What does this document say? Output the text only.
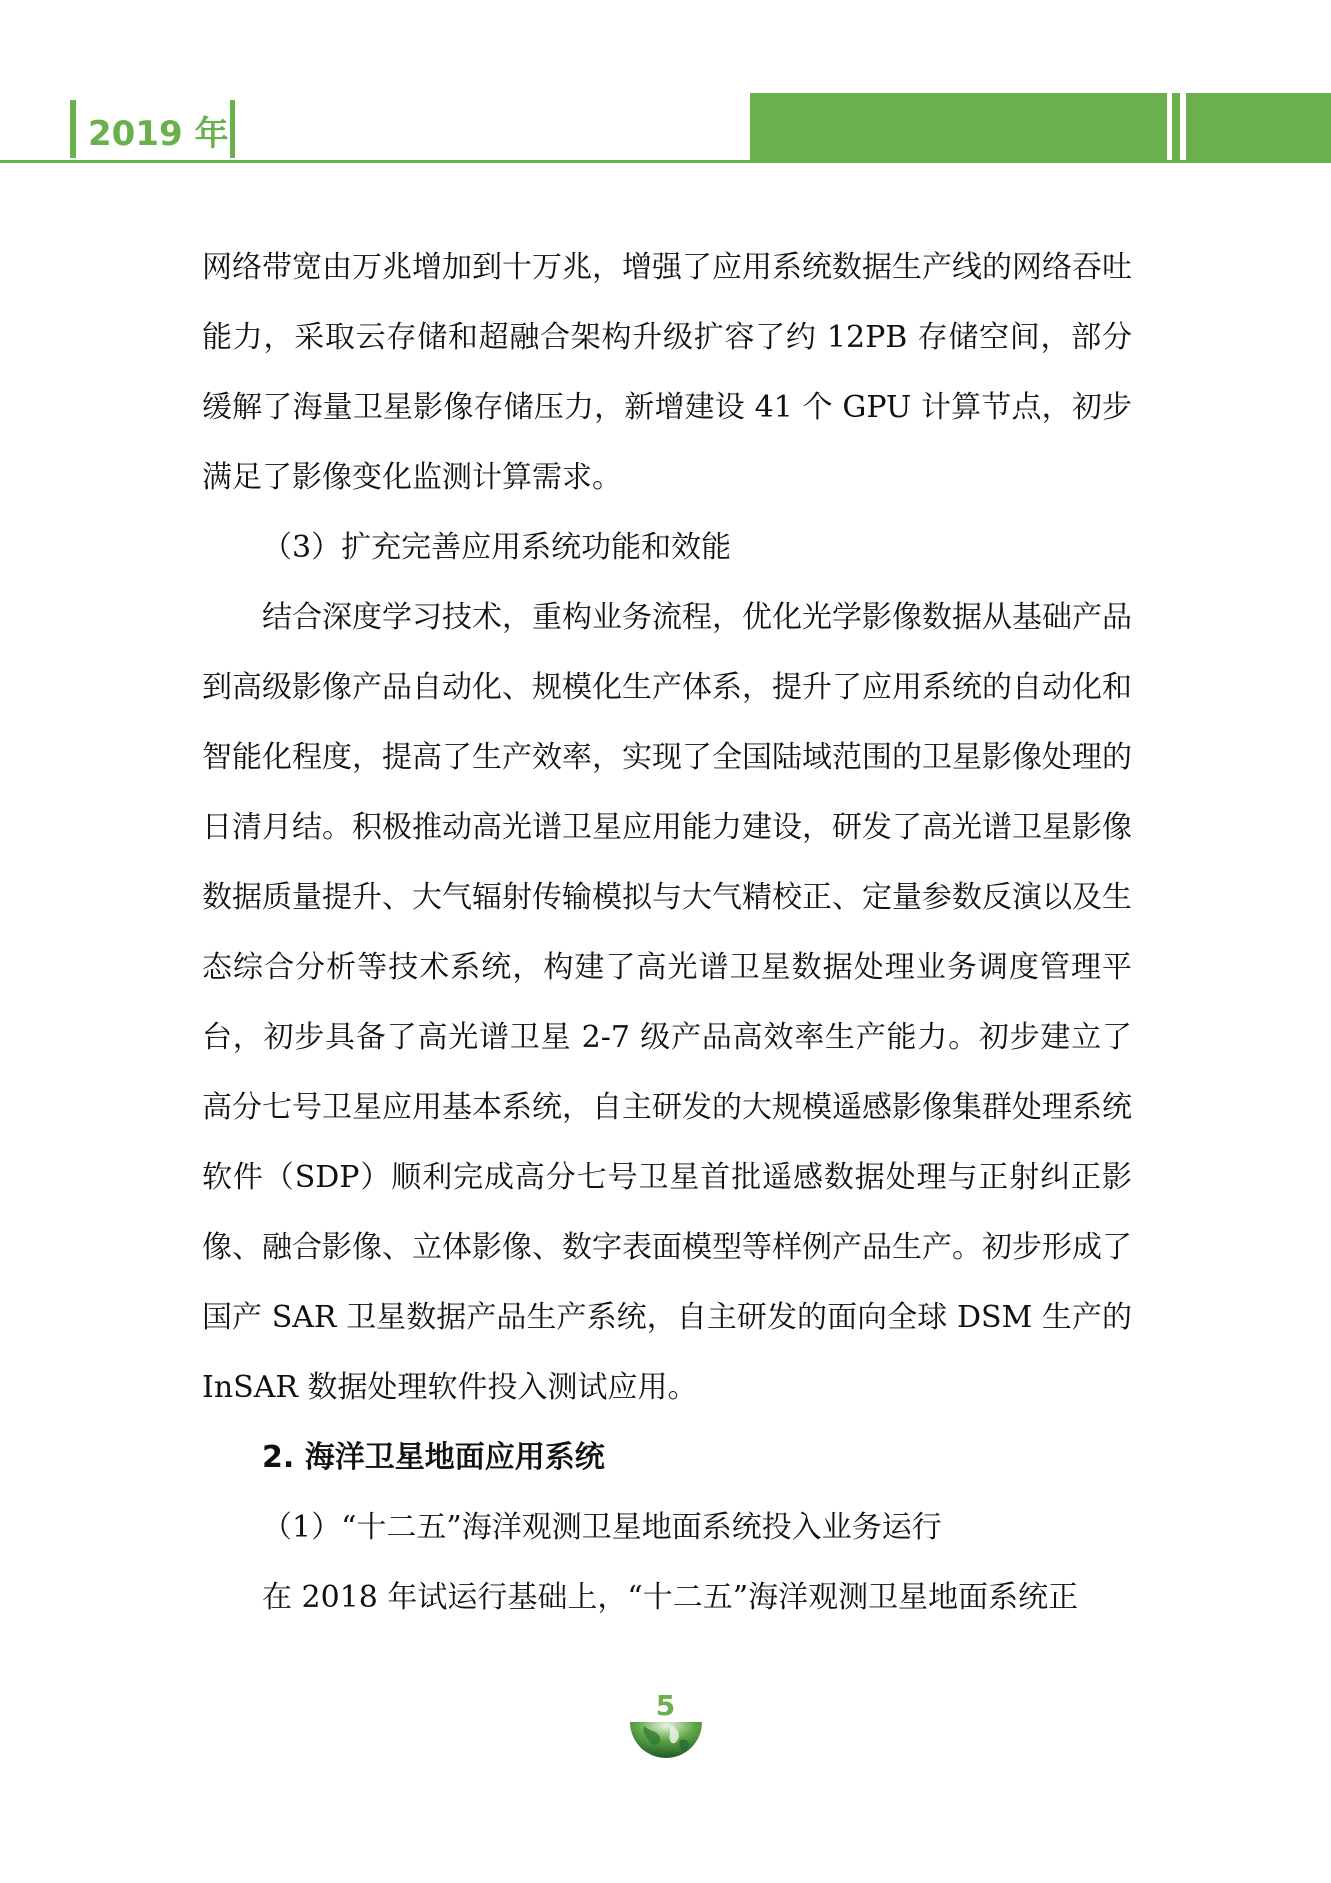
2019 年

网络带宽由万兆增加到十万兆，增强了应用系统数据生产线的网络吞吐能力，采取云存储和超融合架构升级扩容了约 12PB 存储空间，部分缓解了海量卫星影像存储压力，新增建设 41 个 GPU 计算节点，初步满足了影像变化监测计算需求。

（3）扩充完善应用系统功能和效能

结合深度学习技术，重构业务流程，优化光学影像数据从基础产品到高级影像产品自动化、规模化生产体系，提升了应用系统的自动化和智能化程度，提高了生产效率，实现了全国陆域范围的卫星影像处理的日清月结。积极推动高光谱卫星应用能力建设，研发了高光谱卫星影像数据质量提升、大气辐射传输模拟与大气精校正、定量参数反演以及生态综合分析等技术系统，构建了高光谱卫星数据处理业务调度管理平台，初步具备了高光谱卫星 2-7 级产品高效率生产能力。初步建立了高分七号卫星应用基本系统，自主研发的大规模遥感影像集群处理系统软件（SDP）顺利完成高分七号卫星首批遥感数据处理与正射纠正影像、融合影像、立体影像、数字表面模型等样例产品生产。初步形成了国产 SAR 卫星数据产品生产系统，自主研发的面向全球 DSM 生产的 InSAR 数据处理软件投入测试应用。

2. 海洋卫星地面应用系统

（1）“十二五”海洋观测卫星地面系统投入业务运行

在 2018 年试运行基础上，“十二五”海洋观测卫星地面系统正

5
